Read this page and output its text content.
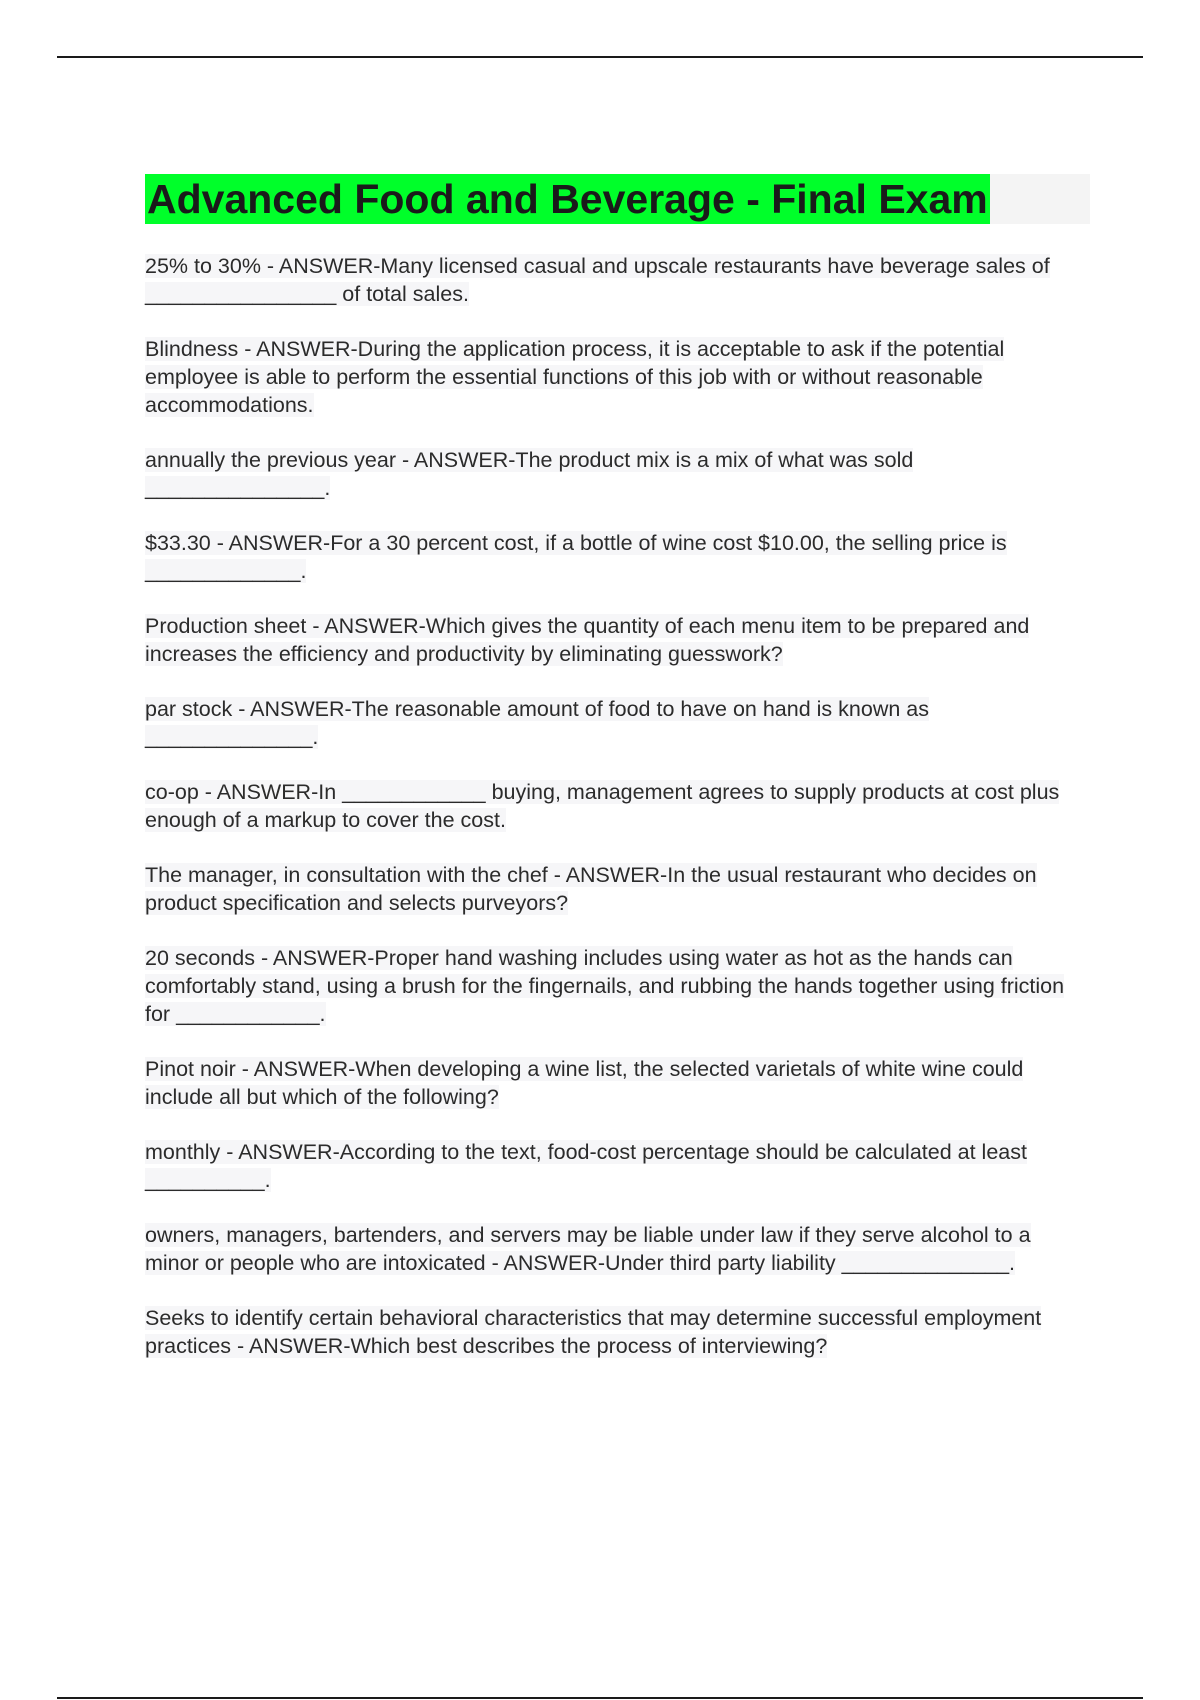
Advanced Food and Beverage - Final Exam

25% to 30% - ANSWER-Many licensed casual and upscale restaurants have beverage sales of ________________ of total sales.

Blindness - ANSWER-During the application process, it is acceptable to ask if the potential employee is able to perform the essential functions of this job with or without reasonable accommodations.

annually the previous year - ANSWER-The product mix is a mix of what was sold _______________.

$33.30 - ANSWER-For a 30 percent cost, if a bottle of wine cost $10.00, the selling price is _____________.

Production sheet - ANSWER-Which gives the quantity of each menu item to be prepared and increases the efficiency and productivity by eliminating guesswork?

par stock - ANSWER-The reasonable amount of food to have on hand is known as ______________.

co-op - ANSWER-In ____________ buying, management agrees to supply products at cost plus enough of a markup to cover the cost.

The manager, in consultation with the chef - ANSWER-In the usual restaurant who decides on product specification and selects purveyors?

20 seconds - ANSWER-Proper hand washing includes using water as hot as the hands can comfortably stand, using a brush for the fingernails, and rubbing the hands together using friction for ____________.

Pinot noir - ANSWER-When developing a wine list, the selected varietals of white wine could include all but which of the following?

monthly - ANSWER-According to the text, food-cost percentage should be calculated at least __________.

owners, managers, bartenders, and servers may be liable under law if they serve alcohol to a minor or people who are intoxicated - ANSWER-Under third party liability ______________.

Seeks to identify certain behavioral characteristics that may determine successful employment practices - ANSWER-Which best describes the process of interviewing?
